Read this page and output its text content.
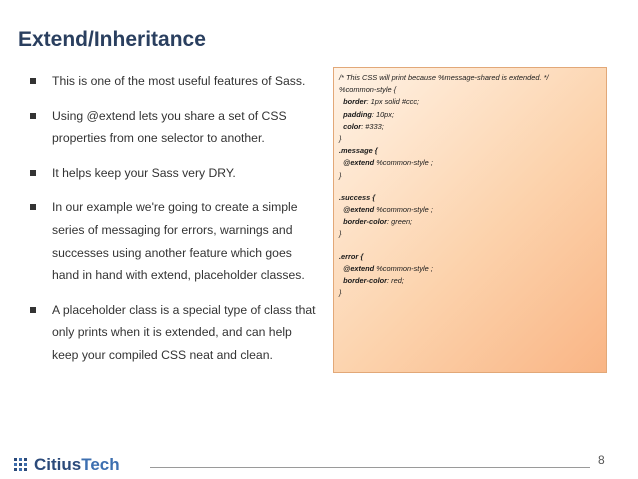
Extend/Inheritance
This is one of the most useful features of Sass.
Using @extend lets you share a set of CSS properties from one selector to another.
It helps keep your Sass very DRY.
In our example we're going to create a simple series of messaging for errors, warnings and successes using another feature which goes hand in hand with extend, placeholder classes.
A placeholder class is a special type of class that only prints when it is extended, and can help keep your compiled CSS neat and clean.
/* This CSS will print because %message-shared is extended. */
%common-style {
border: 1px solid #ccc;
padding: 10px;
color: #333;
}
.message {
@extend %common-style ;
}
.success {
@extend %common-style ;
border-color: green;
}
.error {
@extend %common-style ;
border-color: red;
}
CitiusTech	8
